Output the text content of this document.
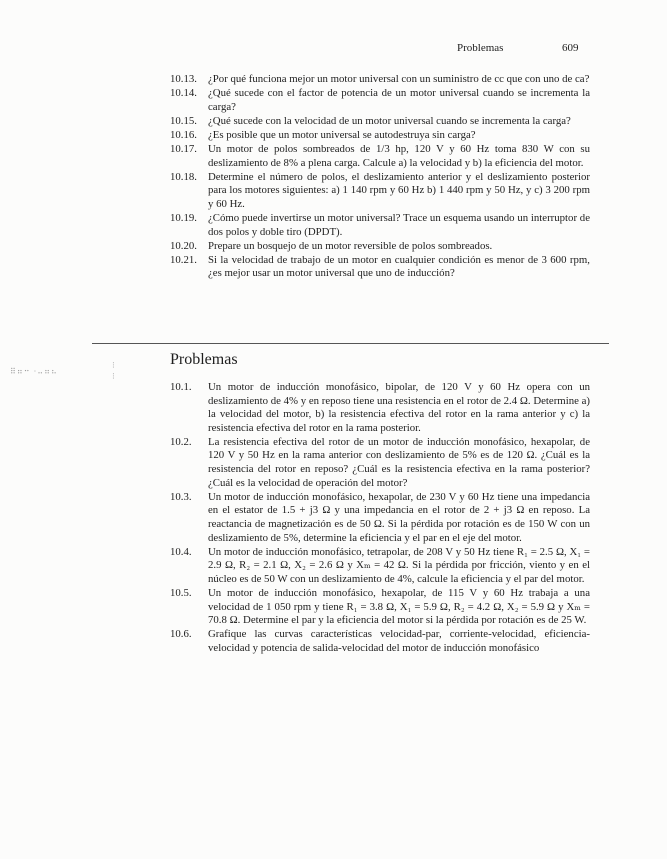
Problemas	609
10.13.	¿Por qué funciona mejor un motor universal con un suministro de cc que con uno de ca?
10.14.	¿Qué sucede con el factor de potencia de un motor universal cuando se incrementa la carga?
10.15.	¿Qué sucede con la velocidad de un motor universal cuando se incrementa la carga?
10.16.	¿Es posible que un motor universal se autodestruya sin carga?
10.17.	Un motor de polos sombreados de 1/3 hp, 120 V y 60 Hz toma 830 W con su deslizamiento de 8% a plena carga. Calcule a) la velocidad y b) la eficiencia del motor.
10.18.	Determine el número de polos, el deslizamiento anterior y el deslizamiento posterior para los motores siguientes: a) 1 140 rpm y 60 Hz b) 1 440 rpm y 50 Hz, y c) 3 200 rpm y 60 Hz.
10.19.	¿Cómo puede invertirse un motor universal? Trace un esquema usando un interruptor de dos polos y doble tiro (DPDT).
10.20.	Prepare un bosquejo de un motor reversible de polos sombreados.
10.21.	Si la velocidad de trabajo de un motor en cualquier condición es menor de 3 600 rpm, ¿es mejor usar un motor universal que uno de inducción?
⠿⠶⠒ ·⠤⠶⠦
⁝
⁝
Problemas
10.1.	Un motor de inducción monofásico, bipolar, de 120 V y 60 Hz opera con un deslizamiento de 4% y en reposo tiene una resistencia en el rotor de 2.4 Ω. Determine a) la velocidad del motor, b) la resistencia efectiva del rotor en la rama anterior y c) la resistencia efectiva del rotor en la rama posterior.
10.2.	La resistencia efectiva del rotor de un motor de inducción monofásico, hexapolar, de 120 V y 50 Hz en la rama anterior con deslizamiento de 5% es de 120 Ω. ¿Cuál es la resistencia del rotor en reposo? ¿Cuál es la resistencia efectiva en la rama posterior? ¿Cuál es la velocidad de operación del motor?
10.3.	Un motor de inducción monofásico, hexapolar, de 230 V y 60 Hz tiene una impedancia en el estator de 1.5 + j3 Ω y una impedancia en el rotor de 2 + j3 Ω en reposo. La reactancia de magnetización es de 50 Ω. Si la pérdida por rotación es de 150 W con un deslizamiento de 5%, determine la eficiencia y el par en el eje del motor.
10.4.	Un motor de inducción monofásico, tetrapolar, de 208 V y 50 Hz tiene R₁ = 2.5 Ω, X₁ = 2.9 Ω, R₂ = 2.1 Ω, X₂ = 2.6 Ω y Xₘ = 42 Ω. Si la pérdida por fricción, viento y en el núcleo es de 50 W con un deslizamiento de 4%, calcule la eficiencia y el par del motor.
10.5.	Un motor de inducción monofásico, hexapolar, de 115 V y 60 Hz trabaja a una velocidad de 1 050 rpm y tiene R₁ = 3.8 Ω, X₁ = 5.9 Ω, R₂ = 4.2 Ω, X₂ = 5.9 Ω y Xₘ = 70.8 Ω. Determine el par y la eficiencia del motor si la pérdida por rotación es de 25 W.
10.6.	Grafique las curvas características velocidad-par, corriente-velocidad, eficiencia-velocidad y potencia de salida-velocidad del motor de inducción monofásico
